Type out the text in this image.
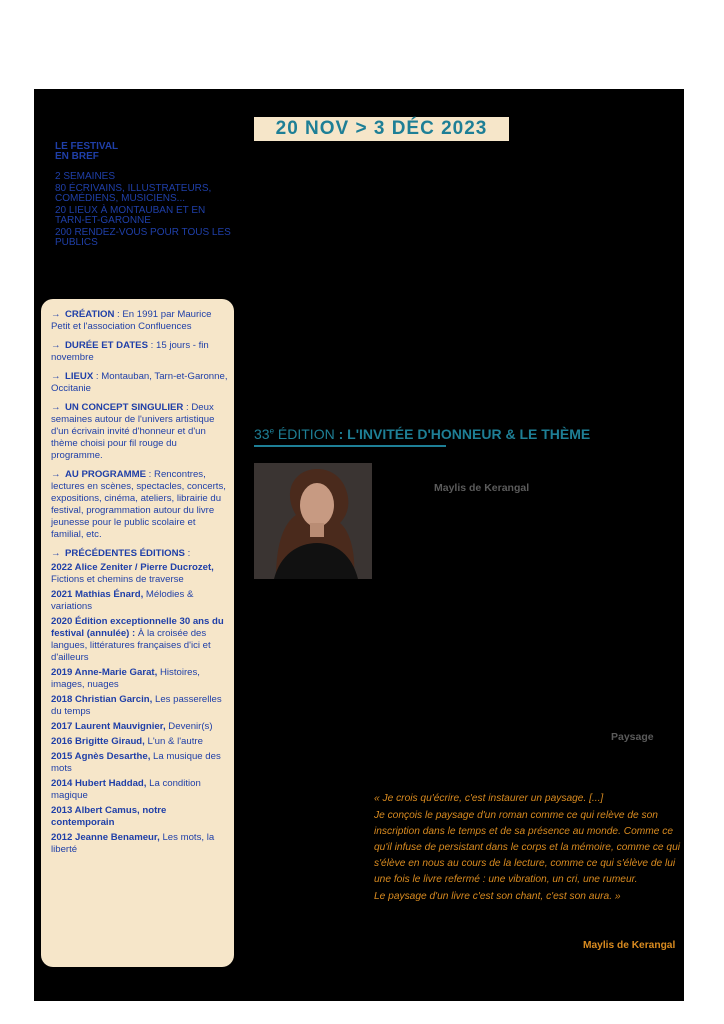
20 NOV > 3 DÉC 2023
LE FESTIVAL
EN BREF
2 SEMAINES
80 ÉCRIVAINS, ILLUSTRATEURS, COMÉDIENS, MUSICIENS...
20 LIEUX À MONTAUBAN ET EN TARN-ET-GARONNE
200 RENDEZ-VOUS POUR TOUS LES PUBLICS
→ CRÉATION : En 1991 par Maurice Petit et l'association Confluences
→ DURÉE ET DATES : 15 jours - fin novembre
→ LIEUX : Montauban, Tarn-et-Garonne, Occitanie
→ UN CONCEPT SINGULIER : Deux semaines autour de l'univers artistique d'un écrivain invité d'honneur et d'un thème choisi pour fil rouge du programme.
→ AU PROGRAMME : Rencontres, lectures en scènes, spectacles, concerts, expositions, cinéma, ateliers, librairie du festival, programmation autour du livre jeunesse pour le public scolaire et familial, etc.
→ PRÉCÉDENTES ÉDITIONS :
2022 Alice Zeniter / Pierre Ducrozet, Fictions et chemins de traverse
2021 Mathias Énard, Mélodies & variations
2020 Édition exceptionnelle 30 ans du festival (annulée) : À la croisée des langues, littératures françaises d'ici et d'ailleurs
2019 Anne-Marie Garat, Histoires, images, nuages
2018 Christian Garcin, Les passerelles du temps
2017 Laurent Mauvignier, Devenir(s)
2016 Brigitte Giraud, L'un & l'autre
2015 Agnès Desarthe, La musique des mots
2014 Hubert Haddad, La condition magique
2013 Albert Camus, notre contemporain
2012 Jeanne Benameur, Les mots, la liberté
33e ÉDITION : L'INVITÉE D'HONNEUR & LE THÈME
Maylis de Kerangal
Paysage

« Je crois qu'écrire, c'est instaurer un paysage. [...]

Je conçois le paysage d'un roman comme ce qui relève de son inscription dans le temps et de sa présence au monde. Comme ce qu'il infuse de persistant dans le corps et la mémoire, comme ce qui s'élève en nous au cours de la lecture, comme ce qui s'élève de lui une fois le livre refermé : une vibration, un cri, une rumeur.

Le paysage d'un livre c'est son chant, c'est son aura. »

Maylis de Kerangal
